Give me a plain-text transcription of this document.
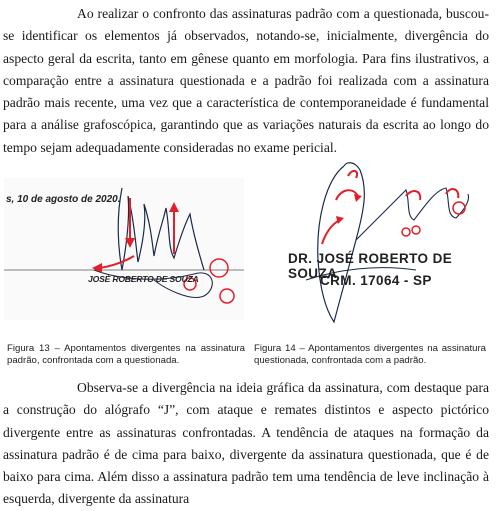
Ao realizar o confronto das assinaturas padrão com a questionada, buscou-se identificar os elementos já observados, notando-se, inicialmente, divergência do aspecto geral da escrita, tanto em gênese quanto em morfologia. Para fins ilustrativos, a comparação entre a assinatura questionada e a padrão foi realizada com a assinatura padrão mais recente, uma vez que a característica de contemporaneidade é fundamental para a análise grafoscópica, garantindo que as variações naturais da escrita ao longo do tempo sejam adequadamente consideradas no exame pericial.

s, 10 de agosto de 2020.
JOSÉ ROBERTO DE SOUZA
DR. JOSÉ ROBERTO DE SOUZA
CRM. 17064 - SP
Figura 13 – Apontamentos divergentes na assinatura padrão, confrontada com a questionada.
Figura 14 – Apontamentos divergentes na assinatura questionada, confrontada com a padrão.

Observa-se a divergência na ideia gráfica da assinatura, com destaque para a construção do alógrafo “J”, com ataque e remates distintos e aspecto pictórico divergente entre as assinaturas confrontadas. A tendência de ataques na formação da assinatura padrão é de cima para baixo, divergente da assinatura questionada, que é de baixo para cima. Além disso a assinatura padrão tem uma tendência de leve inclinação à esquerda, divergente da assinatura
